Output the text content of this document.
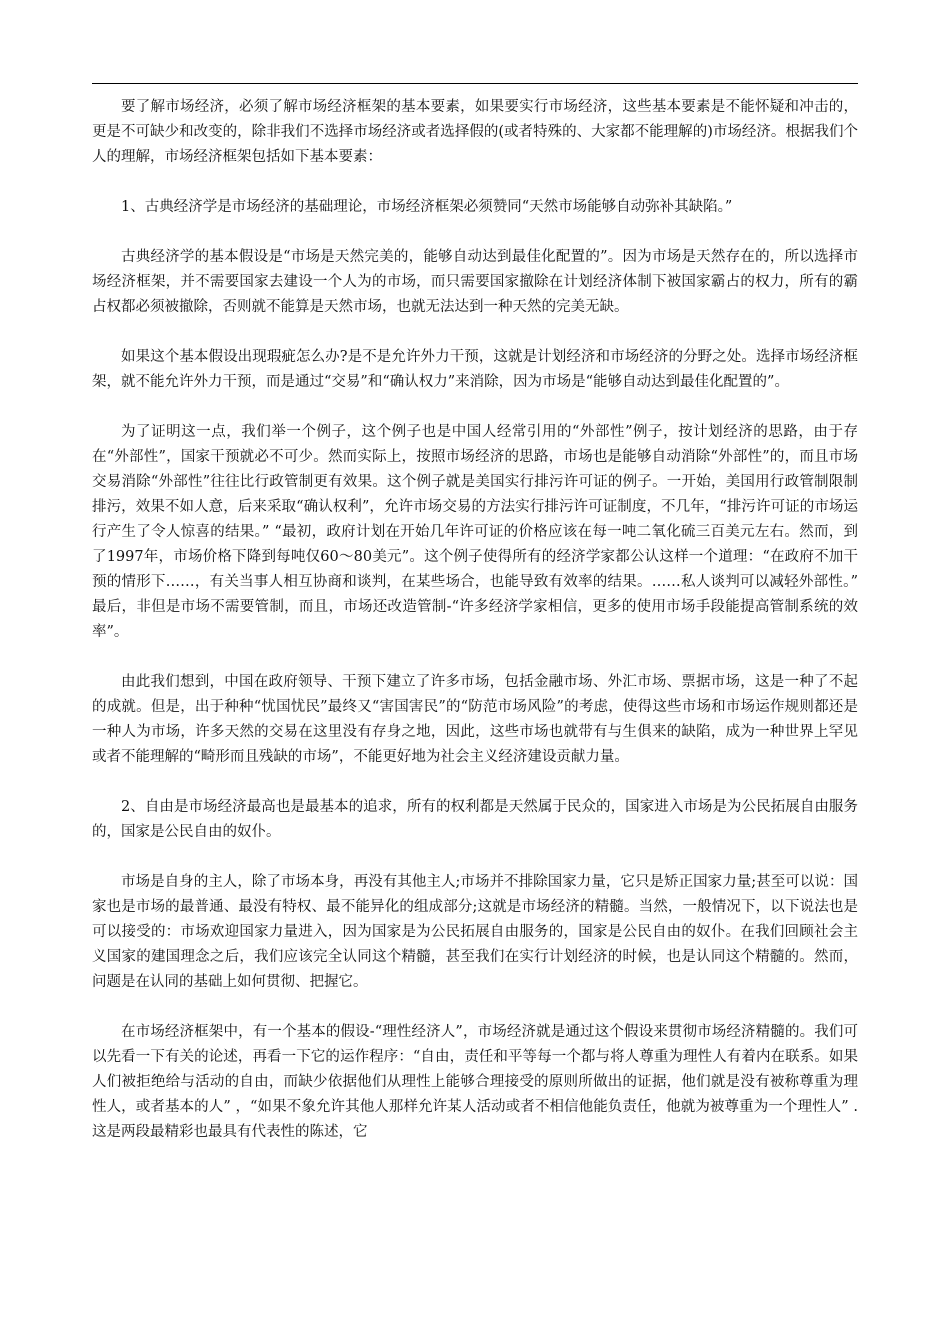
要了解市场经济，必须了解市场经济框架的基本要素，如果要实行市场经济，这些基本要素是不能怀疑和冲击的，更是不可缺少和改变的，除非我们不选择市场经济或者选择假的(或者特殊的、大家都不能理解的)市场经济。根据我们个人的理解，市场经济框架包括如下基本要素：

1、古典经济学是市场经济的基础理论，市场经济框架必须赞同“天然市场能够自动弥补其缺陷。”

古典经济学的基本假设是“市场是天然完美的，能够自动达到最佳化配置的”。因为市场是天然存在的，所以选择市场经济框架，并不需要国家去建设一个人为的市场，而只需要国家撤除在计划经济体制下被国家霸占的权力，所有的霸占权都必须被撤除，否则就不能算是天然市场，也就无法达到一种天然的完美无缺。

如果这个基本假设出现瑕疵怎么办?是不是允许外力干预，这就是计划经济和市场经济的分野之处。选择市场经济框架，就不能允许外力干预，而是通过“交易”和“确认权力”来消除，因为市场是“能够自动达到最佳化配置的”。

为了证明这一点，我们举一个例子，这个例子也是中国人经常引用的“外部性”例子，按计划经济的思路，由于存在“外部性”，国家干预就必不可少。然而实际上，按照市场经济的思路，市场也是能够自动消除“外部性”的，而且市场交易消除“外部性”往往比行政管制更有效果。这个例子就是美国实行排污许可证的例子。一开始，美国用行政管制限制排污，效果不如人意，后来采取“确认权利”，允许市场交易的方法实行排污许可证制度，不几年，“排污许可证的市场运行产生了令人惊喜的结果。” “最初，政府计划在开始几年许可证的价格应该在每一吨二氧化硫三百美元左右。然而，到了1997年，市场价格下降到每吨仅60～80美元”。这个例子使得所有的经济学家都公认这样一个道理：“在政府不加干预的情形下……，有关当事人相互协商和谈判，在某些场合，也能导致有效率的结果。……私人谈判可以减轻外部性。” 最后，非但是市场不需要管制，而且，市场还改造管制-“许多经济学家相信，更多的使用市场手段能提高管制系统的效率”。

由此我们想到，中国在政府领导、干预下建立了许多市场，包括金融市场、外汇市场、票据市场，这是一种了不起的成就。但是，出于种种“忧国忧民”最终又“害国害民”的“防范市场风险”的考虑，使得这些市场和市场运作规则都还是一种人为市场，许多天然的交易在这里没有存身之地，因此，这些市场也就带有与生俱来的缺陷，成为一种世界上罕见或者不能理解的“畸形而且残缺的市场”，不能更好地为社会主义经济建设贡献力量。

2、自由是市场经济最高也是最基本的追求，所有的权利都是天然属于民众的，国家进入市场是为公民拓展自由服务的，国家是公民自由的奴仆。

市场是自身的主人，除了市场本身，再没有其他主人;市场并不排除国家力量，它只是矫正国家力量;甚至可以说：国家也是市场的最普通、最没有特权、最不能异化的组成部分;这就是市场经济的精髓。当然，一般情况下，以下说法也是可以接受的：市场欢迎国家力量进入，因为国家是为公民拓展自由服务的，国家是公民自由的奴仆。在我们回顾社会主义国家的建国理念之后，我们应该完全认同这个精髓，甚至我们在实行计划经济的时候，也是认同这个精髓的。然而，问题是在认同的基础上如何贯彻、把握它。

在市场经济框架中，有一个基本的假设-“理性经济人”，市场经济就是通过这个假设来贯彻市场经济精髓的。我们可以先看一下有关的论述，再看一下它的运作程序：“自由，责任和平等每一个都与将人尊重为理性人有着内在联系。如果人们被拒绝给与活动的自由，而缺少依据他们从理性上能够合理接受的原则所做出的证据，他们就是没有被称尊重为理性人，或者基本的人” ，“如果不象允许其他人那样允许某人活动或者不相信他能负责任，他就为被尊重为一个理性人” .这是两段最精彩也最具有代表性的陈述，它
